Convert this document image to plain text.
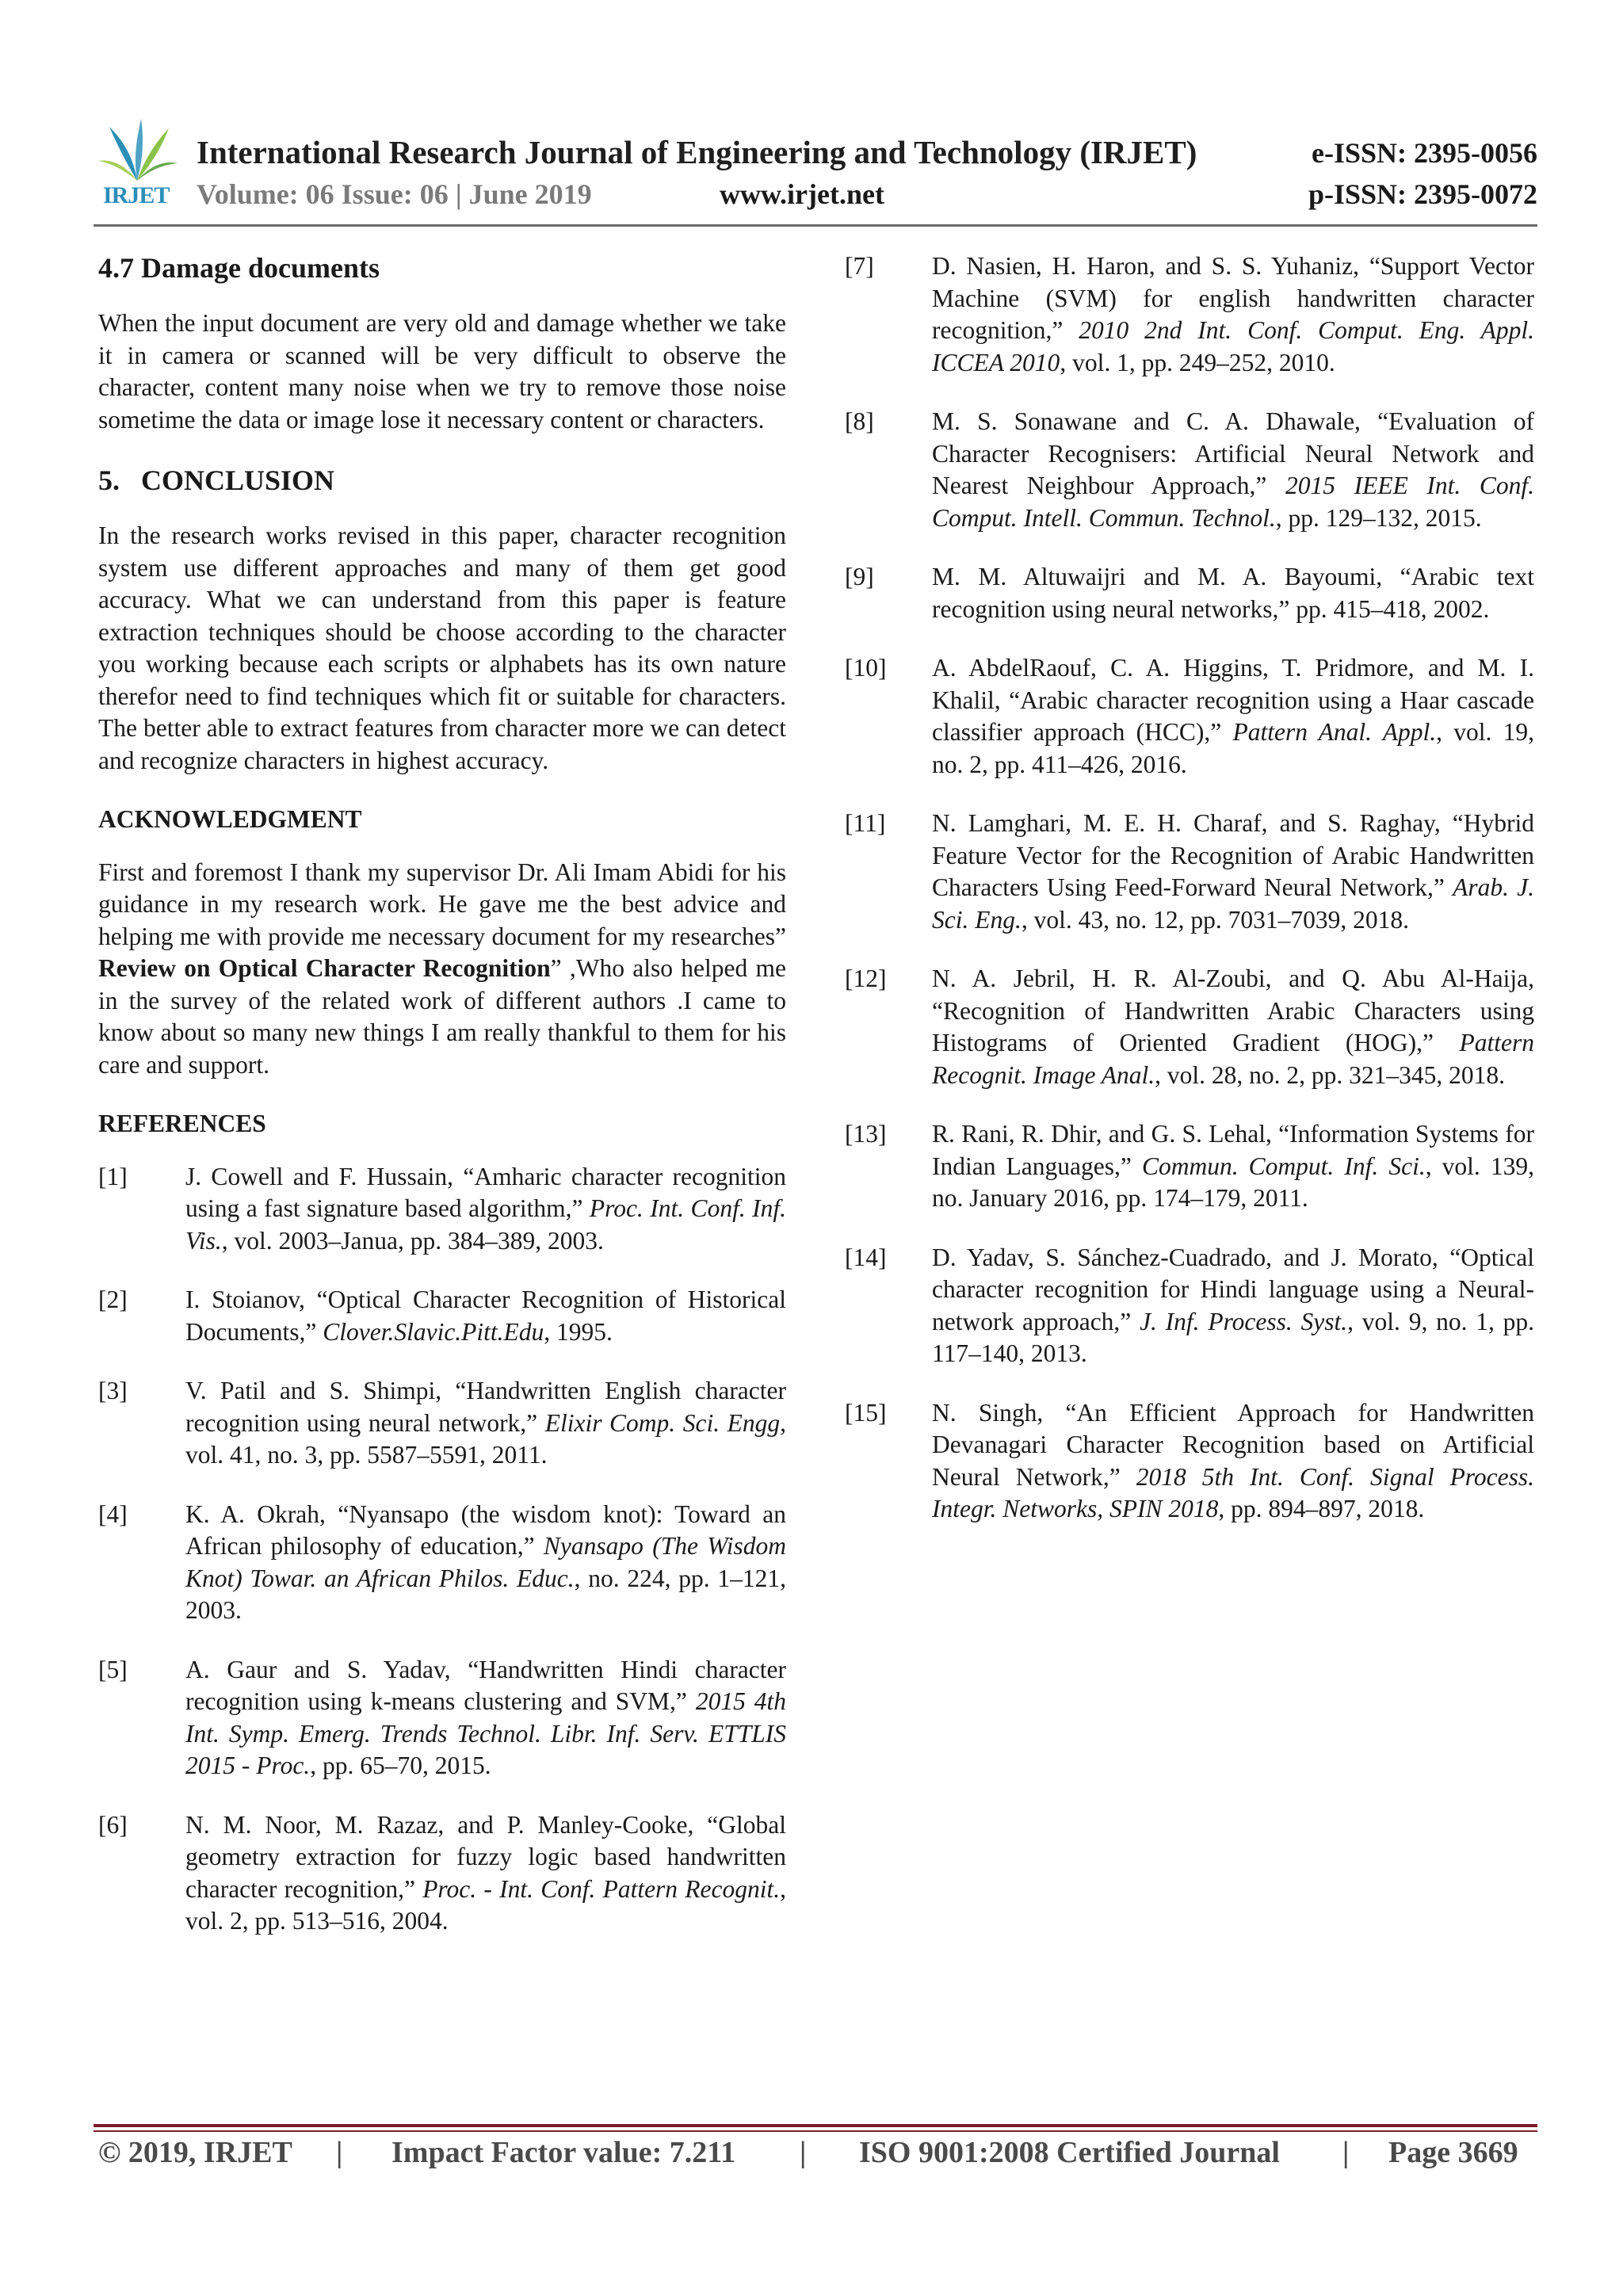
IRJET
International Research Journal of Engineering and Technology (IRJET)	e-ISSN: 2395-0056
Volume: 06 Issue: 06 | June 2019	www.irjet.net	p-ISSN: 2395-0072
4.7 Damage documents

When the input document are very old and damage whether we take it in camera or scanned will be very difficult to observe the character, content many noise when we try to remove those noise sometime the data or image lose it necessary content or characters.

5.   CONCLUSION

In the research works revised in this paper, character recognition system use different approaches and many of them get good accuracy. What we can understand from this paper is feature extraction techniques should be choose according to the character you working because each scripts or alphabets has its own nature therefor need to find techniques which fit or suitable for characters. The better able to extract features from character more we can detect and recognize characters in highest accuracy.

ACKNOWLEDGMENT

First and foremost I thank my supervisor Dr. Ali Imam Abidi for his guidance in my research work. He gave me the best advice and helping me with provide me necessary document for my researches” Review on Optical Character Recognition” ,Who also helped me in the survey of the related work of different authors .I came to know about so many new things I am really thankful to them for his care and support.

REFERENCES
[1]	J. Cowell and F. Hussain, “Amharic character recognition using a fast signature based algorithm,” Proc. Int. Conf. Inf. Vis., vol. 2003–Janua, pp. 384–389, 2003.
[2]	I. Stoianov, “Optical Character Recognition of Historical Documents,” Clover.Slavic.Pitt.Edu, 1995.
[3]	V. Patil and S. Shimpi, “Handwritten English character recognition using neural network,” Elixir Comp. Sci. Engg, vol. 41, no. 3, pp. 5587–5591, 2011.
[4]	K. A. Okrah, “Nyansapo (the wisdom knot): Toward an African philosophy of education,” Nyansapo (The Wisdom Knot) Towar. an African Philos. Educ., no. 224, pp. 1–121, 2003.
[5]	A. Gaur and S. Yadav, “Handwritten Hindi character recognition using k-means clustering and SVM,” 2015 4th Int. Symp. Emerg. Trends Technol. Libr. Inf. Serv. ETTLIS 2015 - Proc., pp. 65–70, 2015.
[6]	N. M. Noor, M. Razaz, and P. Manley-Cooke, “Global geometry extraction for fuzzy logic based handwritten character recognition,” Proc. - Int. Conf. Pattern Recognit., vol. 2, pp. 513–516, 2004.
[7]	D. Nasien, H. Haron, and S. S. Yuhaniz, “Support Vector Machine (SVM) for english handwritten character recognition,” 2010 2nd Int. Conf. Comput. Eng. Appl. ICCEA 2010, vol. 1, pp. 249–252, 2010.
[8]	M. S. Sonawane and C. A. Dhawale, “Evaluation of Character Recognisers: Artificial Neural Network and Nearest Neighbour Approach,” 2015 IEEE Int. Conf. Comput. Intell. Commun. Technol., pp. 129–132, 2015.
[9]	M. M. Altuwaijri and M. A. Bayoumi, “Arabic text recognition using neural networks,” pp. 415–418, 2002.
[10]	A. AbdelRaouf, C. A. Higgins, T. Pridmore, and M. I. Khalil, “Arabic character recognition using a Haar cascade classifier approach (HCC),” Pattern Anal. Appl., vol. 19, no. 2, pp. 411–426, 2016.
[11]	N. Lamghari, M. E. H. Charaf, and S. Raghay, “Hybrid Feature Vector for the Recognition of Arabic Handwritten Characters Using Feed-Forward Neural Network,” Arab. J. Sci. Eng., vol. 43, no. 12, pp. 7031–7039, 2018.
[12]	N. A. Jebril, H. R. Al-Zoubi, and Q. Abu Al-Haija, “Recognition of Handwritten Arabic Characters using Histograms of Oriented Gradient (HOG),” Pattern Recognit. Image Anal., vol. 28, no. 2, pp. 321–345, 2018.
[13]	R. Rani, R. Dhir, and G. S. Lehal, “Information Systems for Indian Languages,” Commun. Comput. Inf. Sci., vol. 139, no. January 2016, pp. 174–179, 2011.
[14]	D. Yadav, S. Sánchez-Cuadrado, and J. Morato, “Optical character recognition for Hindi language using a Neural-network approach,” J. Inf. Process. Syst., vol. 9, no. 1, pp. 117–140, 2013.
[15]	N. Singh, “An Efficient Approach for Handwritten Devanagari Character Recognition based on Artificial Neural Network,” 2018 5th Int. Conf. Signal Process. Integr. Networks, SPIN 2018, pp. 894–897, 2018.
© 2019, IRJET | Impact Factor value: 7.211 | ISO 9001:2008 Certified Journal | Page 3669
